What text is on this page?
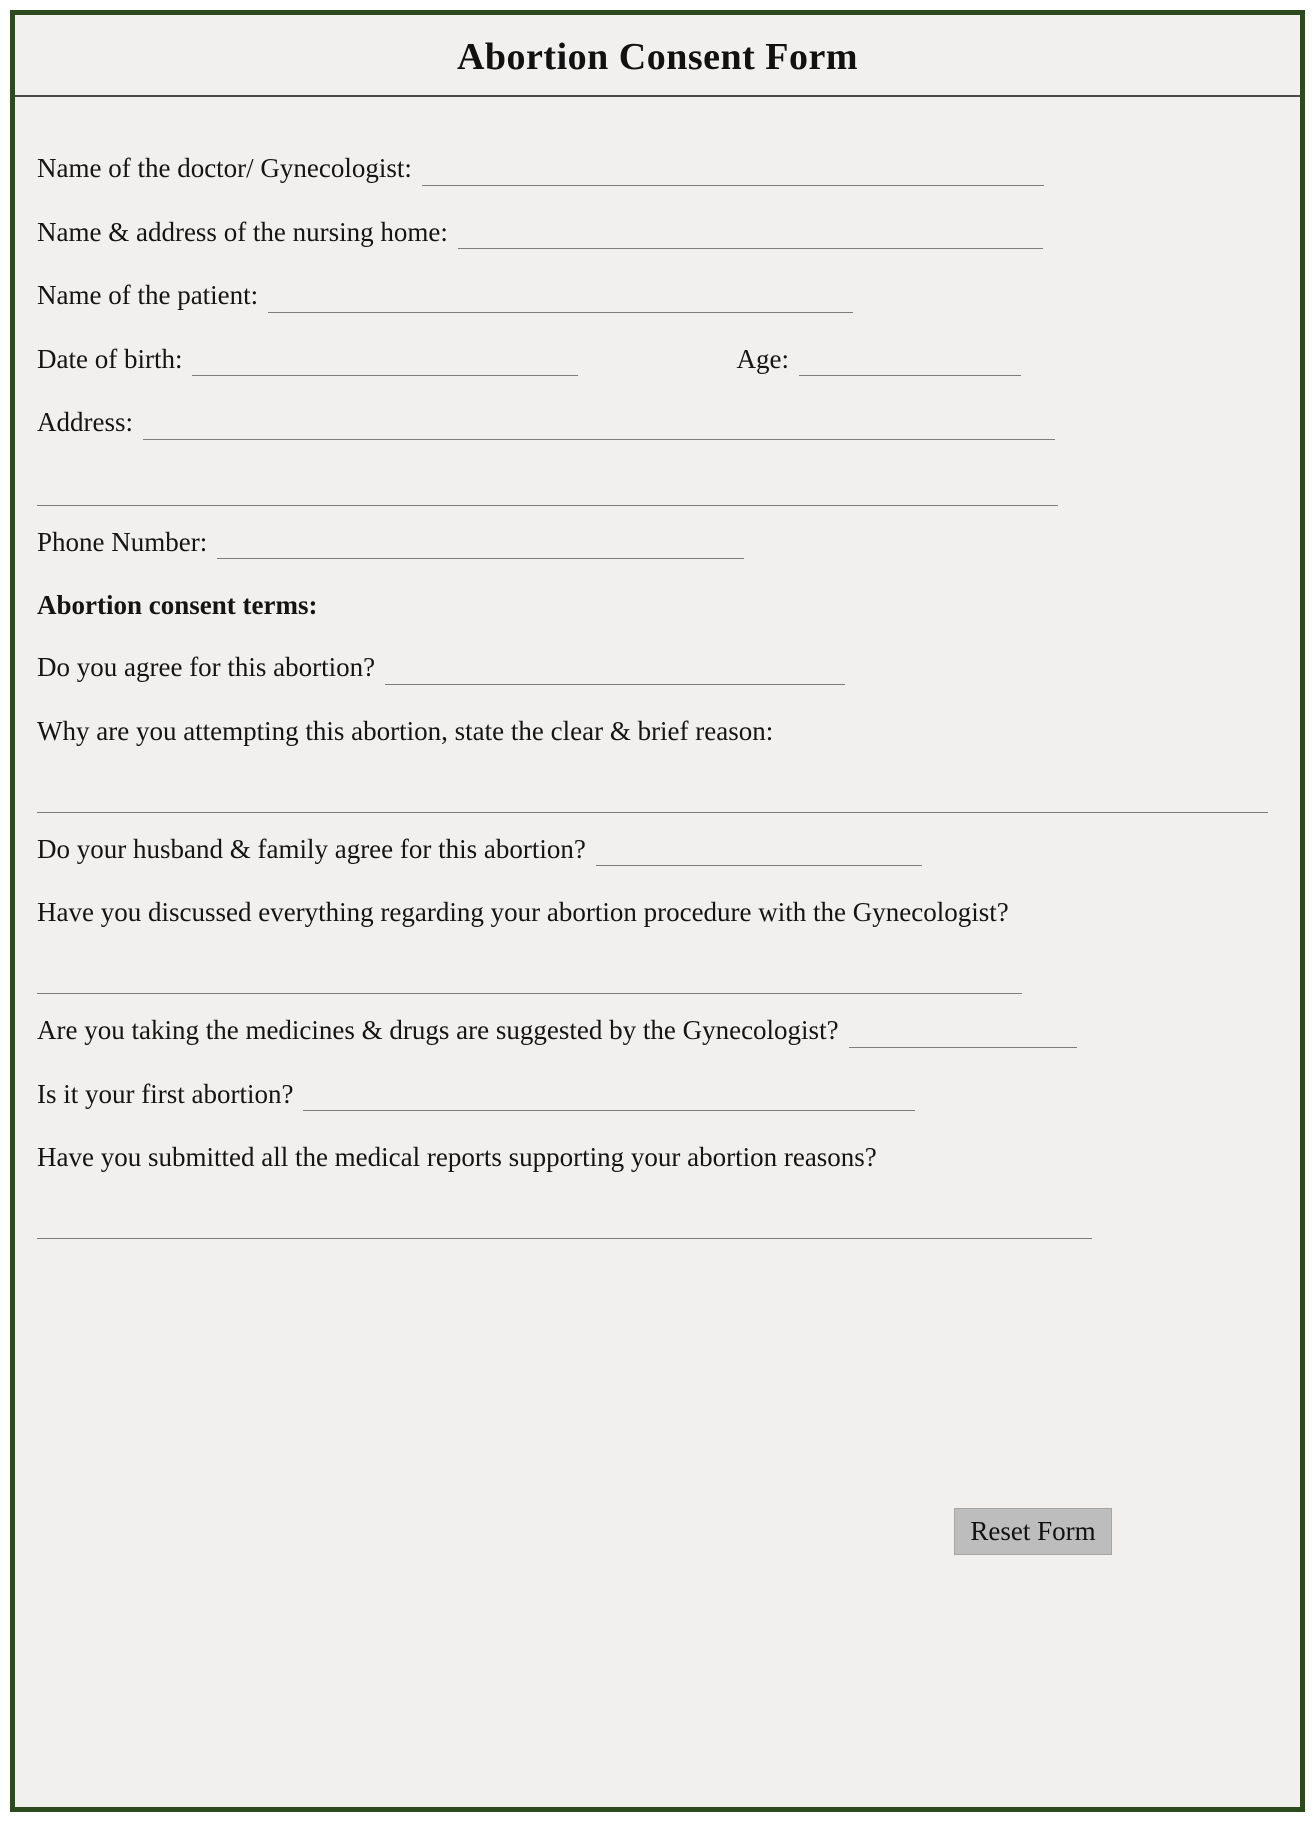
Abortion Consent Form
Name of the doctor/ Gynecologist:
Name & address of the nursing home:
Name of the patient:
Date of birth:	Age:
Address:
Phone Number:
Abortion consent terms:
Do you agree for this abortion?
Why are you attempting this abortion, state the clear & brief reason:
Do your husband & family agree for this abortion?
Have you discussed everything regarding your abortion procedure with the Gynecologist?
Are you taking the medicines & drugs are suggested by the Gynecologist?
Is it your first abortion?
Have you submitted all the medical reports supporting your abortion reasons?
Reset Form
